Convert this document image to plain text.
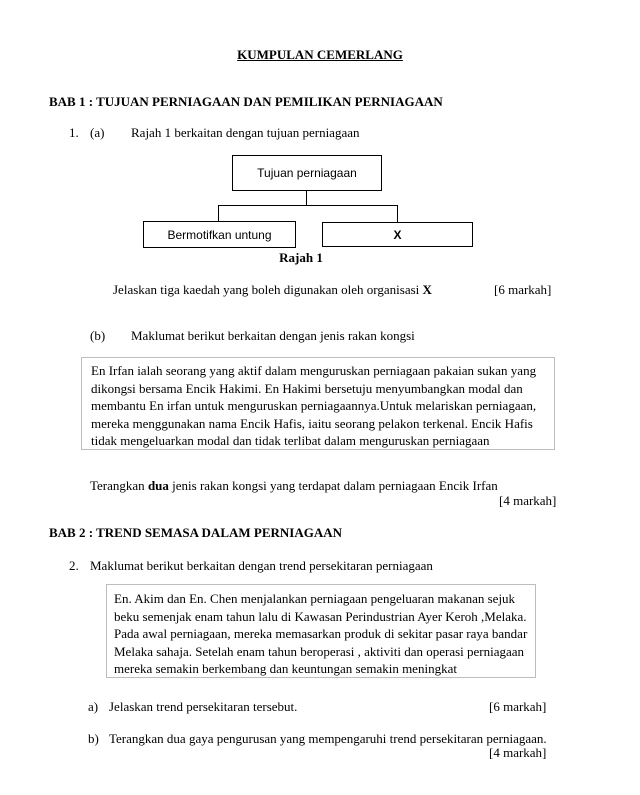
KUMPULAN CEMERLANG
BAB 1 : TUJUAN PERNIAGAAN DAN PEMILIKAN PERNIAGAAN
1. (a) Rajah 1 berkaitan dengan tujuan perniagaan
Tujuan perniagaan
Bermotifkan untung	X
Rajah 1
Jelaskan tiga kaedah yang boleh digunakan oleh organisasi X	[6 markah]
(b) Maklumat berikut berkaitan dengan jenis rakan kongsi

En Irfan ialah seorang yang aktif dalam menguruskan perniagaan pakaian sukan yang

dikongsi bersama Encik Hakimi. En Hakimi bersetuju menyumbangkan modal dan

membantu En irfan untuk menguruskan perniagaannya.Untuk melariskan perniagaan,

mereka menggunakan nama Encik Hafis, iaitu seorang pelakon terkenal. Encik Hafis

tidak mengeluarkan modal dan tidak terlibat dalam menguruskan perniagaan

Terangkan dua jenis rakan kongsi yang terdapat dalam perniagaan Encik Irfan
[4 markah]
BAB 2 : TREND SEMASA DALAM PERNIAGAAN
2. Maklumat berikut berkaitan dengan trend persekitaran perniagaan

En. Akim dan En. Chen menjalankan perniagaan pengeluaran makanan sejuk

beku semenjak enam tahun lalu di Kawasan Perindustrian Ayer Keroh ,Melaka.

Pada awal perniagaan, mereka memasarkan produk di sekitar pasar raya bandar

Melaka sahaja. Setelah enam tahun beroperasi , aktiviti dan operasi perniagaan

mereka semakin berkembang dan keuntungan semakin meningkat

a) Jelaskan trend persekitaran tersebut.	[6 markah]
b) Terangkan dua gaya pengurusan yang mempengaruhi trend persekitaran perniagaan.
[4 markah]
